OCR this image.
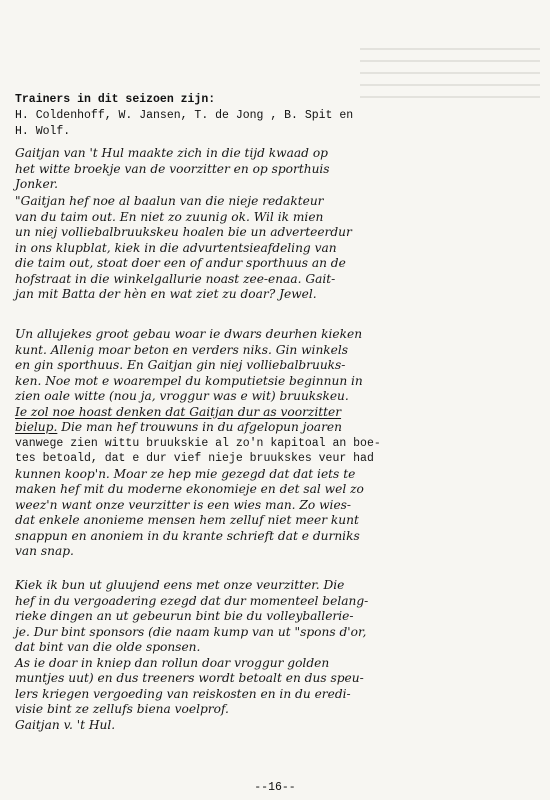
Trainers in dit seizoen zijn:
H. Coldenhoff, W. Jansen, T. de Jong , B. Spit en
H. Wolf.
Gaitjan van 't Hul maakte zich in die tijd kwaad op
het witte broekje van de voorzitter en op sporthuis
Jonker.
"Gaitjan hef noe al baalun van die nieje redakteur
van du taim out. En niet zo zuunig ok. Wil ik mien
un niej volliebalbruukskeu hoalen bie un adverteerdur
in ons klupblat, kiek in die advurtentsieafdeling van
die taim out, stoat doer een of andur sporthuus an de
hofstraat in die winkelgallurie noast zee-enaa. Gait-
jan mit Batta der hèn en wat ziet zu doar? Jewel.
Un allujekes groot gebau woar ie dwars deurhen kieken
kunt. Allenig moar beton en verders niks. Gin winkels
en gin sporthuus. En Gaitjan gin niej volliebalbruuks-
ken. Noe mot e woarempel du komputietsie beginnun in
zien oale witte (nou ja, vroggur was e wit) bruukskeu.
Ie zol noe hoast denken dat Gaitjan dur as voorzitter
bielup. Die man hef trouwuns in du afgelopun joaren
vanwege zien wittu bruukskie al zo'n kapitoal an boe-
tes betoald, dat e dur vief nieje bruukskes veur had
kunnen koop'n. Moar ze hep mie gezegd dat dat iets te
maken hef mit du moderne ekonomieje en det sal wel zo
weez'n want onze veurzitter is een wies man. Zo wies-
dat enkele anoniemе mensen hem zelluf niet meer kunt
snappun en anoniem in du krante schrieft dat e durniks
van snap.
Kiek ik bun ut gluujend eens met onze veurzitter. Die
hef in du vergoadering ezegd dat dur momenteel belang-
rieke dingen an ut gebeurun bint bie du volleyballerie-
je. Dur bint sponsors (die naam kump van ut "spons d'or,
dat bint van die olde sponsen.
As ie doar in kniep dan rollun doar vroggur golden
muntjes uut) en dus treeners wordt betoalt en dus speu-
lers kriegen vergoeding van reiskosten en in du eredi-
visie bint ze zellufs biena voelprof.
Gaitjan v. 't Hul.
--16--
